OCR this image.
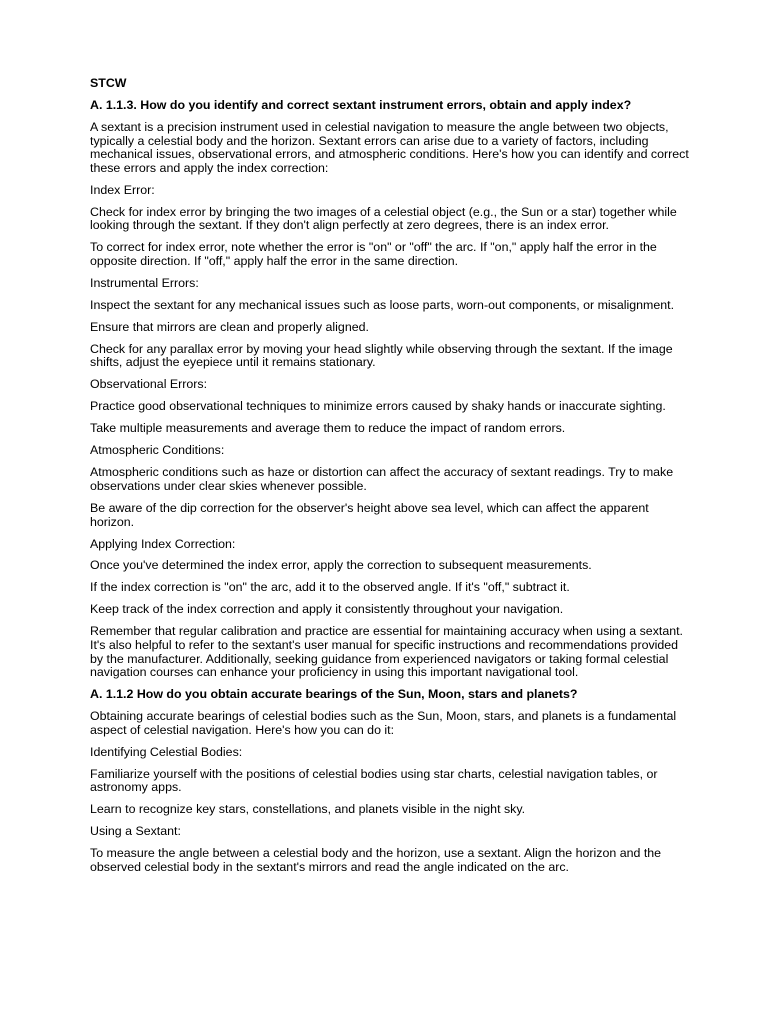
STCW

A. 1.1.3. How do you identify and correct sextant instrument errors, obtain and apply index?

A sextant is a precision instrument used in celestial navigation to measure the angle between two objects, typically a celestial body and the horizon. Sextant errors can arise due to a variety of factors, including mechanical issues, observational errors, and atmospheric conditions. Here's how you can identify and correct these errors and apply the index correction:

Index Error:

Check for index error by bringing the two images of a celestial object (e.g., the Sun or a star) together while looking through the sextant. If they don't align perfectly at zero degrees, there is an index error.

To correct for index error, note whether the error is "on" or "off" the arc. If "on," apply half the error in the opposite direction. If "off," apply half the error in the same direction.

Instrumental Errors:

Inspect the sextant for any mechanical issues such as loose parts, worn-out components, or misalignment.

Ensure that mirrors are clean and properly aligned.

Check for any parallax error by moving your head slightly while observing through the sextant. If the image shifts, adjust the eyepiece until it remains stationary.

Observational Errors:

Practice good observational techniques to minimize errors caused by shaky hands or inaccurate sighting.

Take multiple measurements and average them to reduce the impact of random errors.

Atmospheric Conditions:

Atmospheric conditions such as haze or distortion can affect the accuracy of sextant readings. Try to make observations under clear skies whenever possible.

Be aware of the dip correction for the observer's height above sea level, which can affect the apparent horizon.

Applying Index Correction:

Once you've determined the index error, apply the correction to subsequent measurements.

If the index correction is "on" the arc, add it to the observed angle. If it's "off," subtract it.

Keep track of the index correction and apply it consistently throughout your navigation.

Remember that regular calibration and practice are essential for maintaining accuracy when using a sextant. It's also helpful to refer to the sextant's user manual for specific instructions and recommendations provided by the manufacturer. Additionally, seeking guidance from experienced navigators or taking formal celestial navigation courses can enhance your proficiency in using this important navigational tool.

A. 1.1.2 How do you obtain accurate bearings of the Sun, Moon, stars and planets?

Obtaining accurate bearings of celestial bodies such as the Sun, Moon, stars, and planets is a fundamental aspect of celestial navigation. Here's how you can do it:

Identifying Celestial Bodies:

Familiarize yourself with the positions of celestial bodies using star charts, celestial navigation tables, or astronomy apps.

Learn to recognize key stars, constellations, and planets visible in the night sky.

Using a Sextant:

To measure the angle between a celestial body and the horizon, use a sextant. Align the horizon and the observed celestial body in the sextant's mirrors and read the angle indicated on the arc.
